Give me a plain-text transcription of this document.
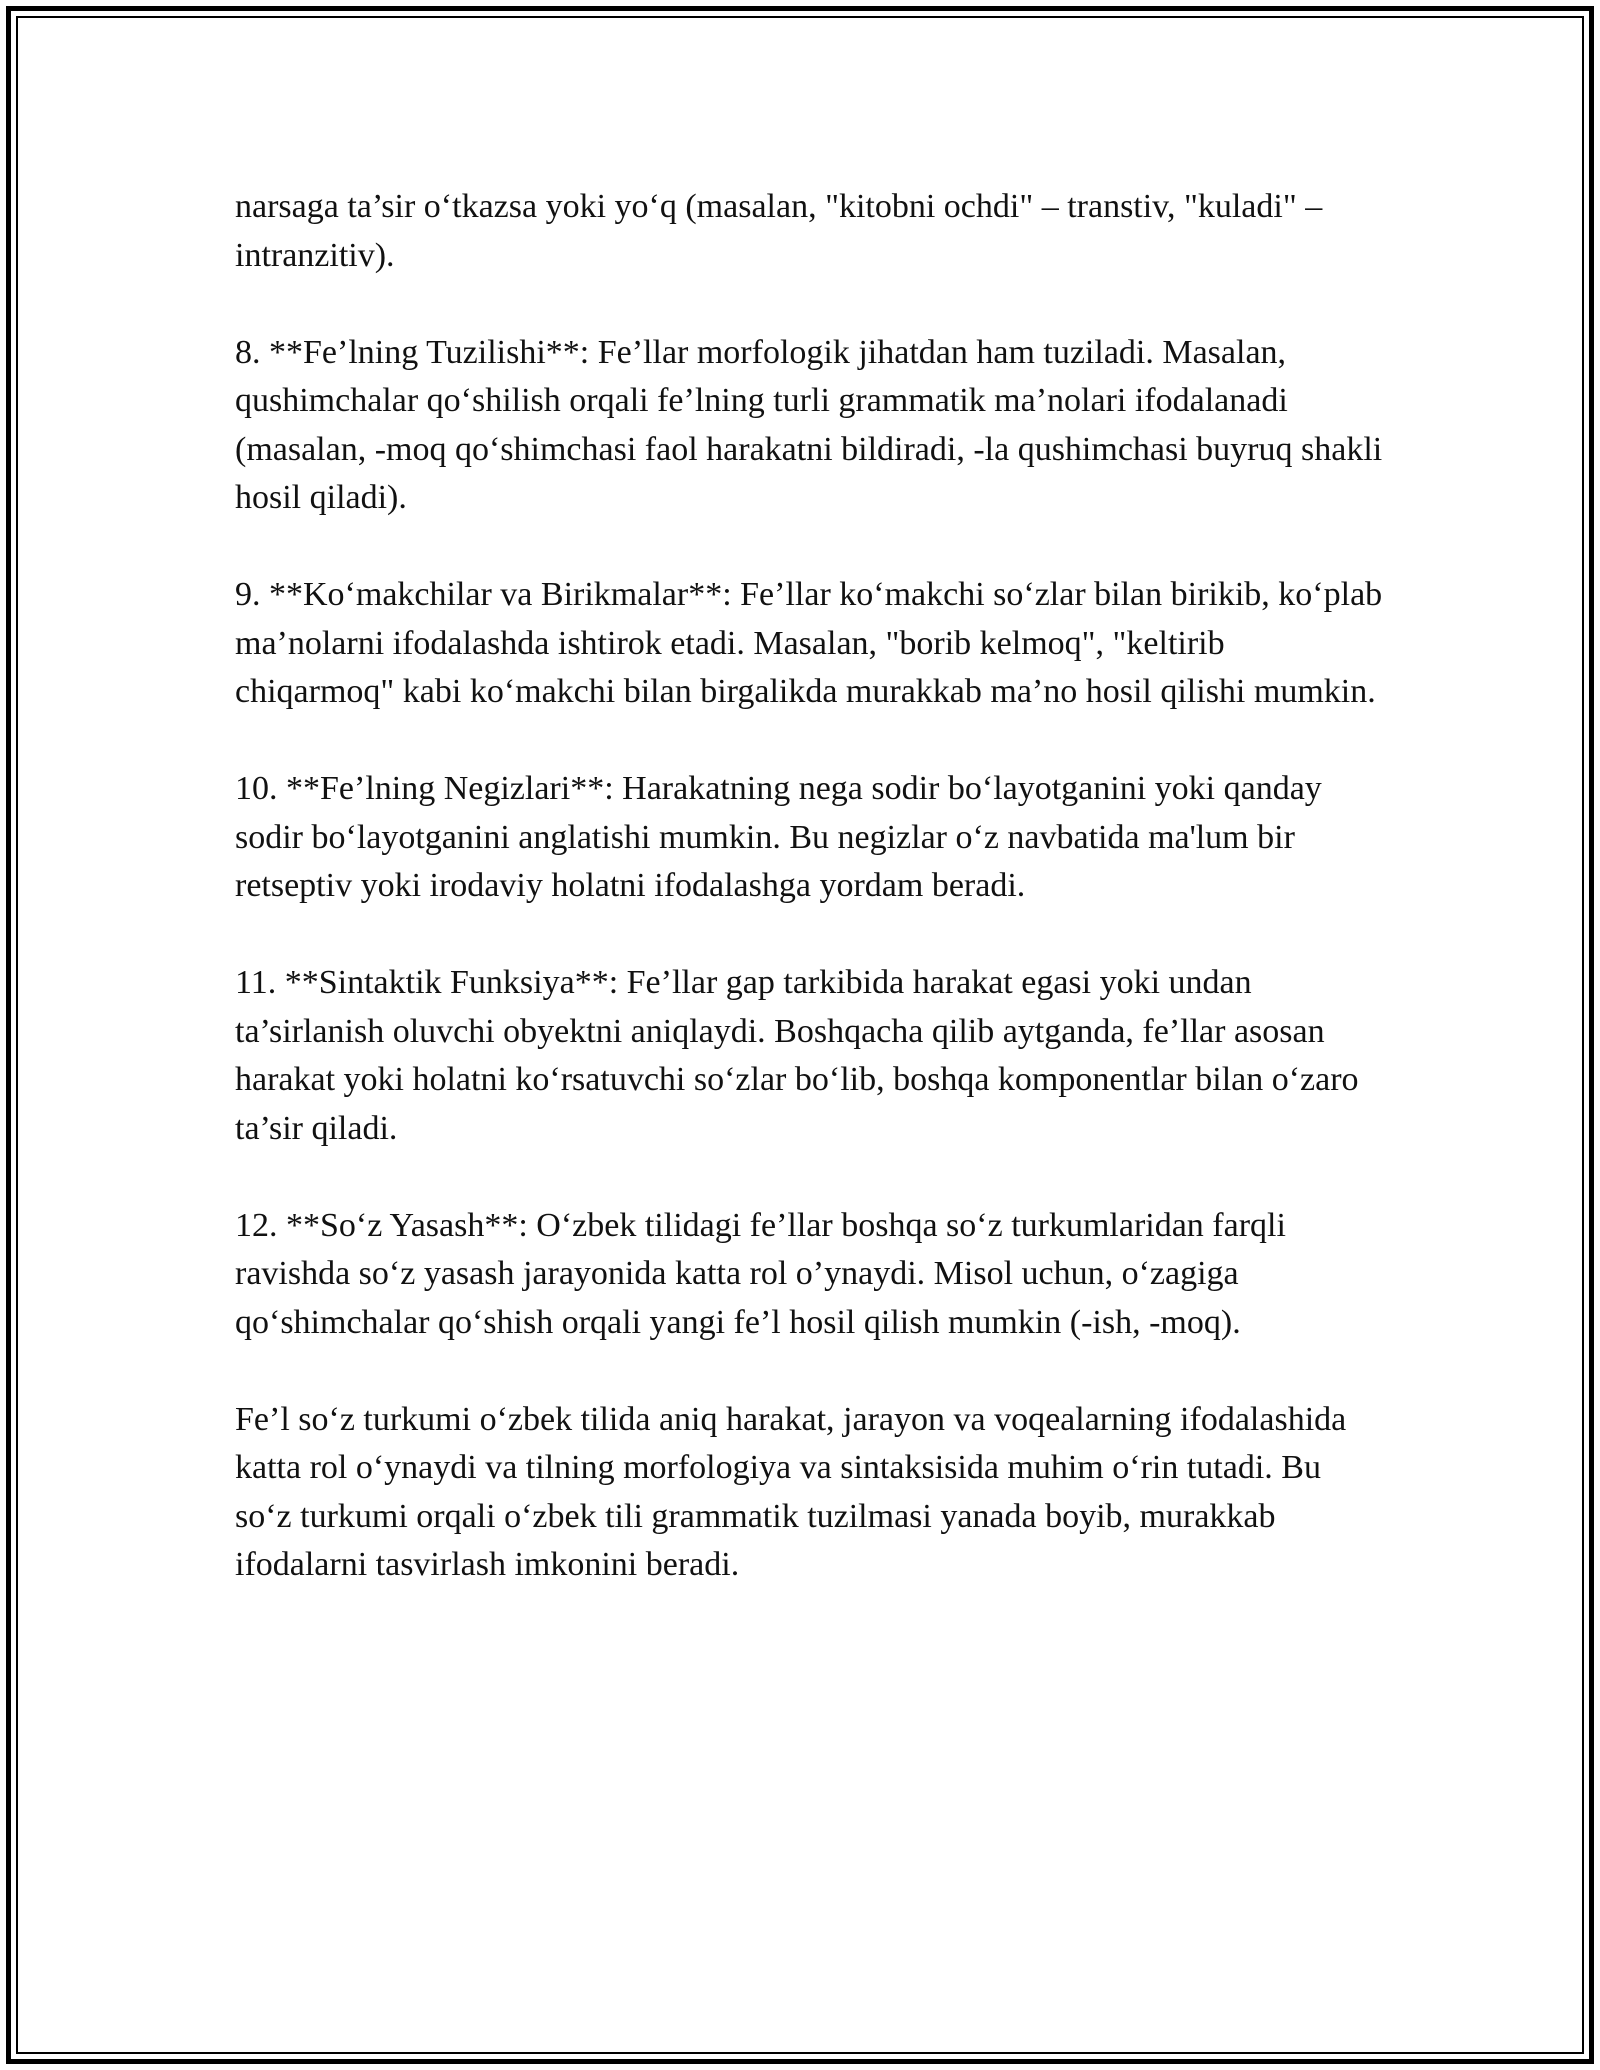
narsaga ta’sir o‘tkazsa yoki yo‘q (masalan, "kitobni ochdi" – transtiv, "kuladi" – intranzitiv).

8. **Fe’lning Tuzilishi**: Fe’llar morfologik jihatdan ham tuziladi. Masalan, qushimchalar qo‘shilish orqali fe’lning turli grammatik ma’nolari ifodalanadi (masalan, -moq qo‘shimchasi faol harakatni bildiradi, -la qushimchasi buyruq shakli hosil qiladi).

9. **Ko‘makchilar va Birikmalar**: Fe’llar ko‘makchi so‘zlar bilan birikib, ko‘plab ma’nolarni ifodalashda ishtirok etadi. Masalan, "borib kelmoq", "keltirib chiqarmoq" kabi ko‘makchi bilan birgalikda murakkab ma’no hosil qilishi mumkin.

10. **Fe’lning Negizlari**: Harakatning nega sodir bo‘layotganini yoki qanday sodir bo‘layotganini anglatishi mumkin. Bu negizlar o‘z navbatida ma'lum bir retseptiv yoki irodaviy holatni ifodalashga yordam beradi.

11. **Sintaktik Funksiya**: Fe’llar gap tarkibida harakat egasi yoki undan ta’sirlanish oluvchi obyektni aniqlaydi. Boshqacha qilib aytganda, fe’llar asosan harakat yoki holatni ko‘rsatuvchi so‘zlar bo‘lib, boshqa komponentlar bilan o‘zaro ta’sir qiladi.

12. **So‘z Yasash**: O‘zbek tilidagi fe’llar boshqa so‘z turkumlaridan farqli ravishda so‘z yasash jarayonida katta rol o’ynaydi. Misol uchun, o‘zagiga qo‘shimchalar qo‘shish orqali yangi fe’l hosil qilish mumkin (-ish, -moq).

Fe’l so‘z turkumi o‘zbek tilida aniq harakat, jarayon va voqealarning ifodalashida katta rol o‘ynaydi va tilning morfologiya va sintaksisida muhim o‘rin tutadi. Bu so‘z turkumi orqali o‘zbek tili grammatik tuzilmasi yanada boyib, murakkab ifodalarni tasvirlash imkonini beradi.
